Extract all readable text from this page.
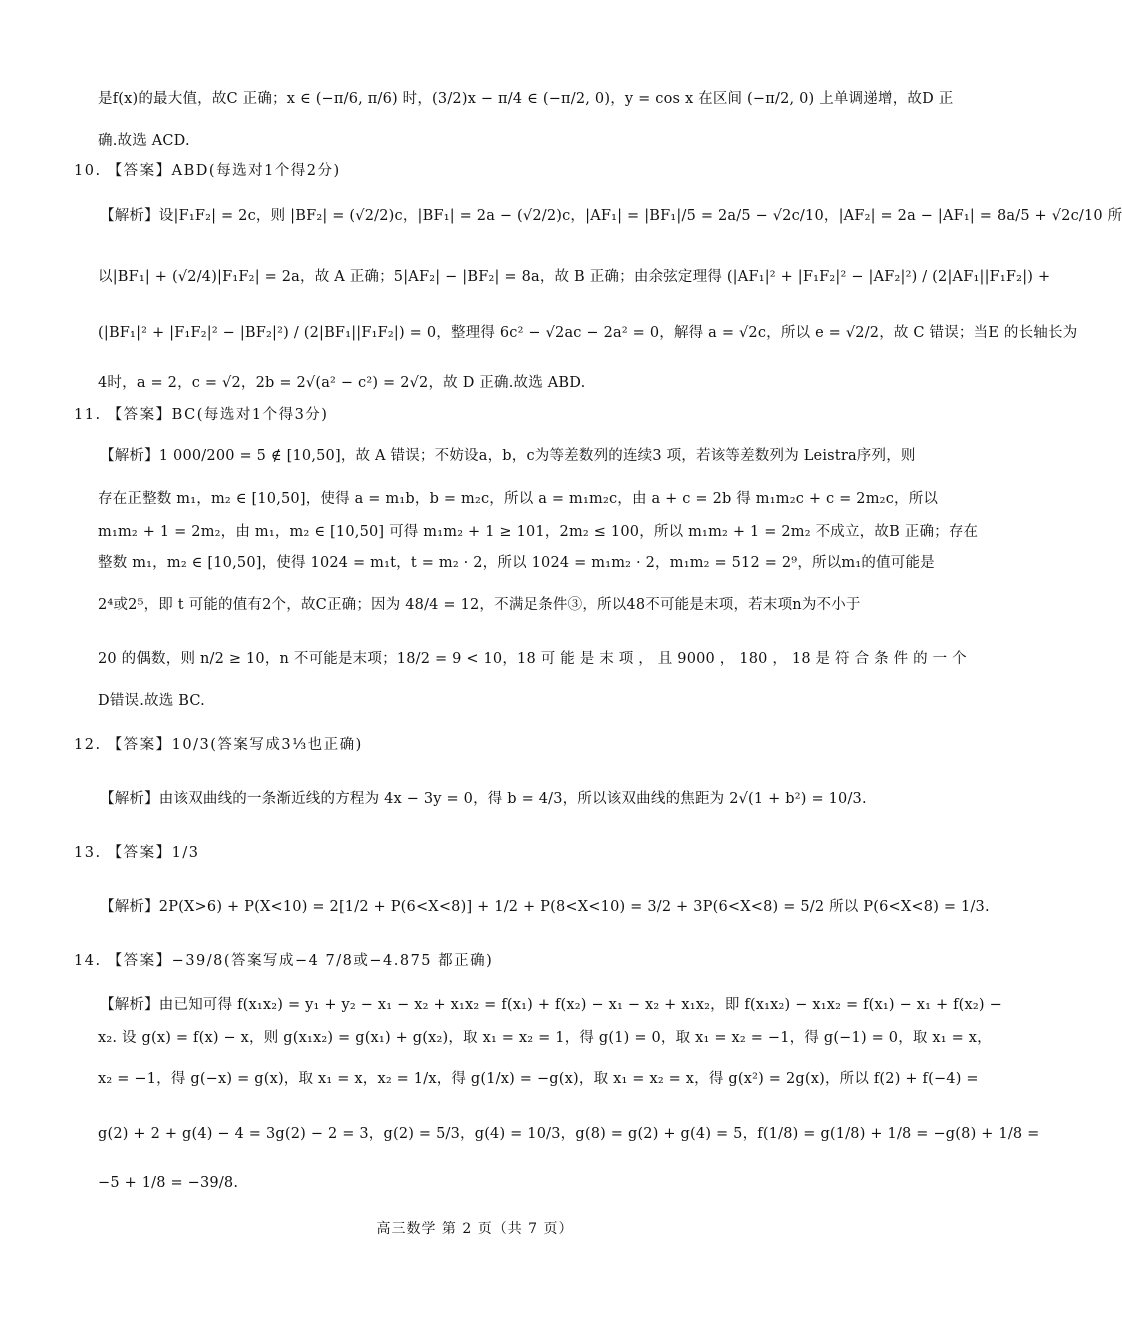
是f(x)的最大值，故C 正确；x ∈ (−π/6, π/6) 时，(3/2)x − π/4 ∈ (−π/2, 0)，y = cos x 在区间 (−π/2, 0) 上单调递增，故D 正
确.故选 ACD.
10. 【答案】ABD(每选对1个得2分)
【解析】设|F₁F₂| = 2c，则 |BF₂| = (√2/2)c，|BF₁| = 2a − (√2/2)c，|AF₁| = |BF₁|/5 = 2a/5 − √2c/10，|AF₂| = 2a − |AF₁| = 8a/5 + √2c/10 所
以|BF₁| + (√2/4)|F₁F₂| = 2a，故 A 正确；5|AF₂| − |BF₂| = 8a，故 B 正确；由余弦定理得 (|AF₁|² + |F₁F₂|² − |AF₂|²) / (2|AF₁||F₁F₂|) +
(|BF₁|² + |F₁F₂|² − |BF₂|²) / (2|BF₁||F₁F₂|) = 0，整理得 6c² − √2ac − 2a² = 0，解得 a = √2c，所以 e = √2/2，故 C 错误；当E 的长轴长为
4时，a = 2，c = √2，2b = 2√(a² − c²) = 2√2，故 D 正确.故选 ABD.
11. 【答案】BC(每选对1个得3分)
【解析】1 000/200 = 5 ∉ [10,50]，故 A 错误；不妨设a，b，c为等差数列的连续3 项，若该等差数列为 Leistra序列，则
存在正整数 m₁，m₂ ∈ [10,50]，使得 a = m₁b，b = m₂c，所以 a = m₁m₂c，由 a + c = 2b 得 m₁m₂c + c = 2m₂c，所以
m₁m₂ + 1 = 2m₂，由 m₁，m₂ ∈ [10,50] 可得 m₁m₂ + 1 ≥ 101，2m₂ ≤ 100，所以 m₁m₂ + 1 = 2m₂ 不成立，故B 正确；存在
整数 m₁，m₂ ∈ [10,50]，使得 1024 = m₁t，t = m₂ · 2，所以 1024 = m₁m₂ · 2，m₁m₂ = 512 = 2⁹，所以m₁的值可能是
2⁴或2⁵，即 t 可能的值有2个，故C正确；因为 48/4 = 12，不满足条件③，所以48不可能是末项，若末项n为不小于
20 的偶数，则 n/2 ≥ 10，n 不可能是末项；18/2 = 9 < 10，18 可 能 是 末 项 ， 且 9000 ， 180 ， 18 是 符 合 条 件 的 一 个
D错误.故选 BC.
12. 【答案】10/3(答案写成3⅓也正确)
【解析】由该双曲线的一条渐近线的方程为 4x − 3y = 0，得 b = 4/3，所以该双曲线的焦距为 2√(1 + b²) = 10/3.
13. 【答案】1/3
【解析】2P(X>6) + P(X<10) = 2[1/2 + P(6<X<8)] + 1/2 + P(8<X<10) = 3/2 + 3P(6<X<8) = 5/2 所以 P(6<X<8) = 1/3.
14. 【答案】−39/8(答案写成−4 7/8或−4.875 都正确)
【解析】由已知可得 f(x₁x₂) = y₁ + y₂ − x₁ − x₂ + x₁x₂ = f(x₁) + f(x₂) − x₁ − x₂ + x₁x₂，即 f(x₁x₂) − x₁x₂ = f(x₁) − x₁ + f(x₂) −
x₂. 设 g(x) = f(x) − x，则 g(x₁x₂) = g(x₁) + g(x₂)，取 x₁ = x₂ = 1，得 g(1) = 0，取 x₁ = x₂ = −1，得 g(−1) = 0，取 x₁ = x，
x₂ = −1，得 g(−x) = g(x)，取 x₁ = x，x₂ = 1/x，得 g(1/x) = −g(x)，取 x₁ = x₂ = x，得 g(x²) = 2g(x)，所以 f(2) + f(−4) =
g(2) + 2 + g(4) − 4 = 3g(2) − 2 = 3，g(2) = 5/3，g(4) = 10/3，g(8) = g(2) + g(4) = 5，f(1/8) = g(1/8) + 1/8 = −g(8) + 1/8 =
−5 + 1/8 = −39/8.
高三数学 第 2 页（共 7 页）
